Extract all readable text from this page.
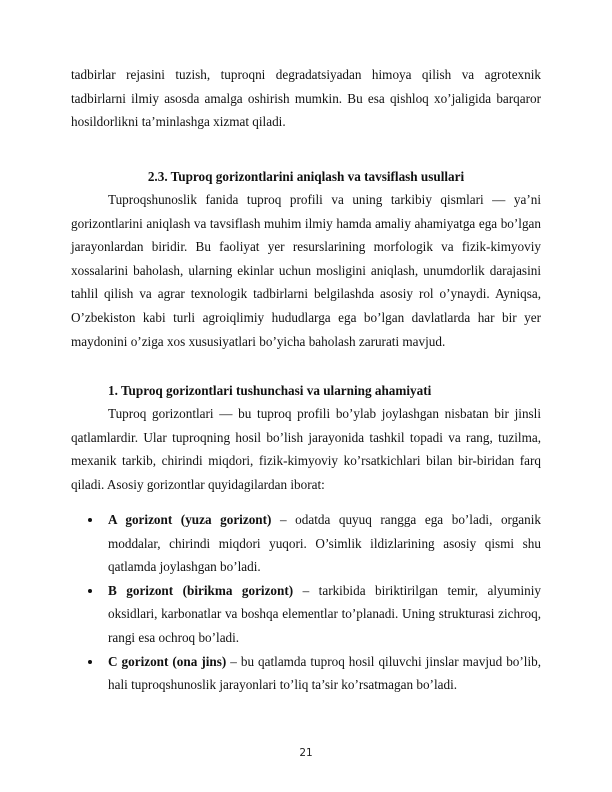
tadbirlar rejasini tuzish, tuproqni degradatsiyadan himoya qilish va agrotexnik tadbirlarni ilmiy asosda amalga oshirish mumkin. Bu esa qishloq xo’jaligida barqaror hosildorlikni ta’minlashga xizmat qiladi.
2.3. Tuproq gorizontlarini aniqlash va tavsiflash usullari
Tuproqshunoslik fanida tuproq profili va uning tarkibiy qismlari — ya’ni gorizontlarini aniqlash va tavsiflash muhim ilmiy hamda amaliy ahamiyatga ega bo’lgan jarayonlardan biridir. Bu faoliyat yer resurslarining morfologik va fizik-kimyoviy xossalarini baholash, ularning ekinlar uchun mosligini aniqlash, unumdorlik darajasini tahlil qilish va agrar texnologik tadbirlarni belgilashda asosiy rol o’ynaydi. Ayniqsa, O’zbekiston kabi turli agroiqlimiy hududlarga ega bo’lgan davlatlarda har bir yer maydonini o’ziga xos xususiyatlari bo’yicha baholash zarurati mavjud.
1. Tuproq gorizontlari tushunchasi va ularning ahamiyati
Tuproq gorizontlari — bu tuproq profili bo’ylab joylashgan nisbatan bir jinsli qatlamlardir. Ular tuproqning hosil bo’lish jarayonida tashkil topadi va rang, tuzilma, mexanik tarkib, chirindi miqdori, fizik-kimyoviy ko’rsatkichlari bilan bir-biridan farq qiladi. Asosiy gorizontlar quyidagilardan iborat:
A gorizont (yuza gorizont) – odatda quyuq rangga ega bo’ladi, organik moddalar, chirindi miqdori yuqori. O’simlik ildizlarining asosiy qismi shu qatlamda joylashgan bo’ladi.
B gorizont (birikma gorizont) – tarkibida biriktirilgan temir, alyuminiy oksidlari, karbonatlar va boshqa elementlar to’planadi. Uning strukturasi zichroq, rangi esa ochroq bo’ladi.
C gorizont (ona jins) – bu qatlamda tuproq hosil qiluvchi jinslar mavjud bo’lib, hali tuproqshunoslik jarayonlari to’liq ta’sir ko’rsatmagan bo’ladi.
21
